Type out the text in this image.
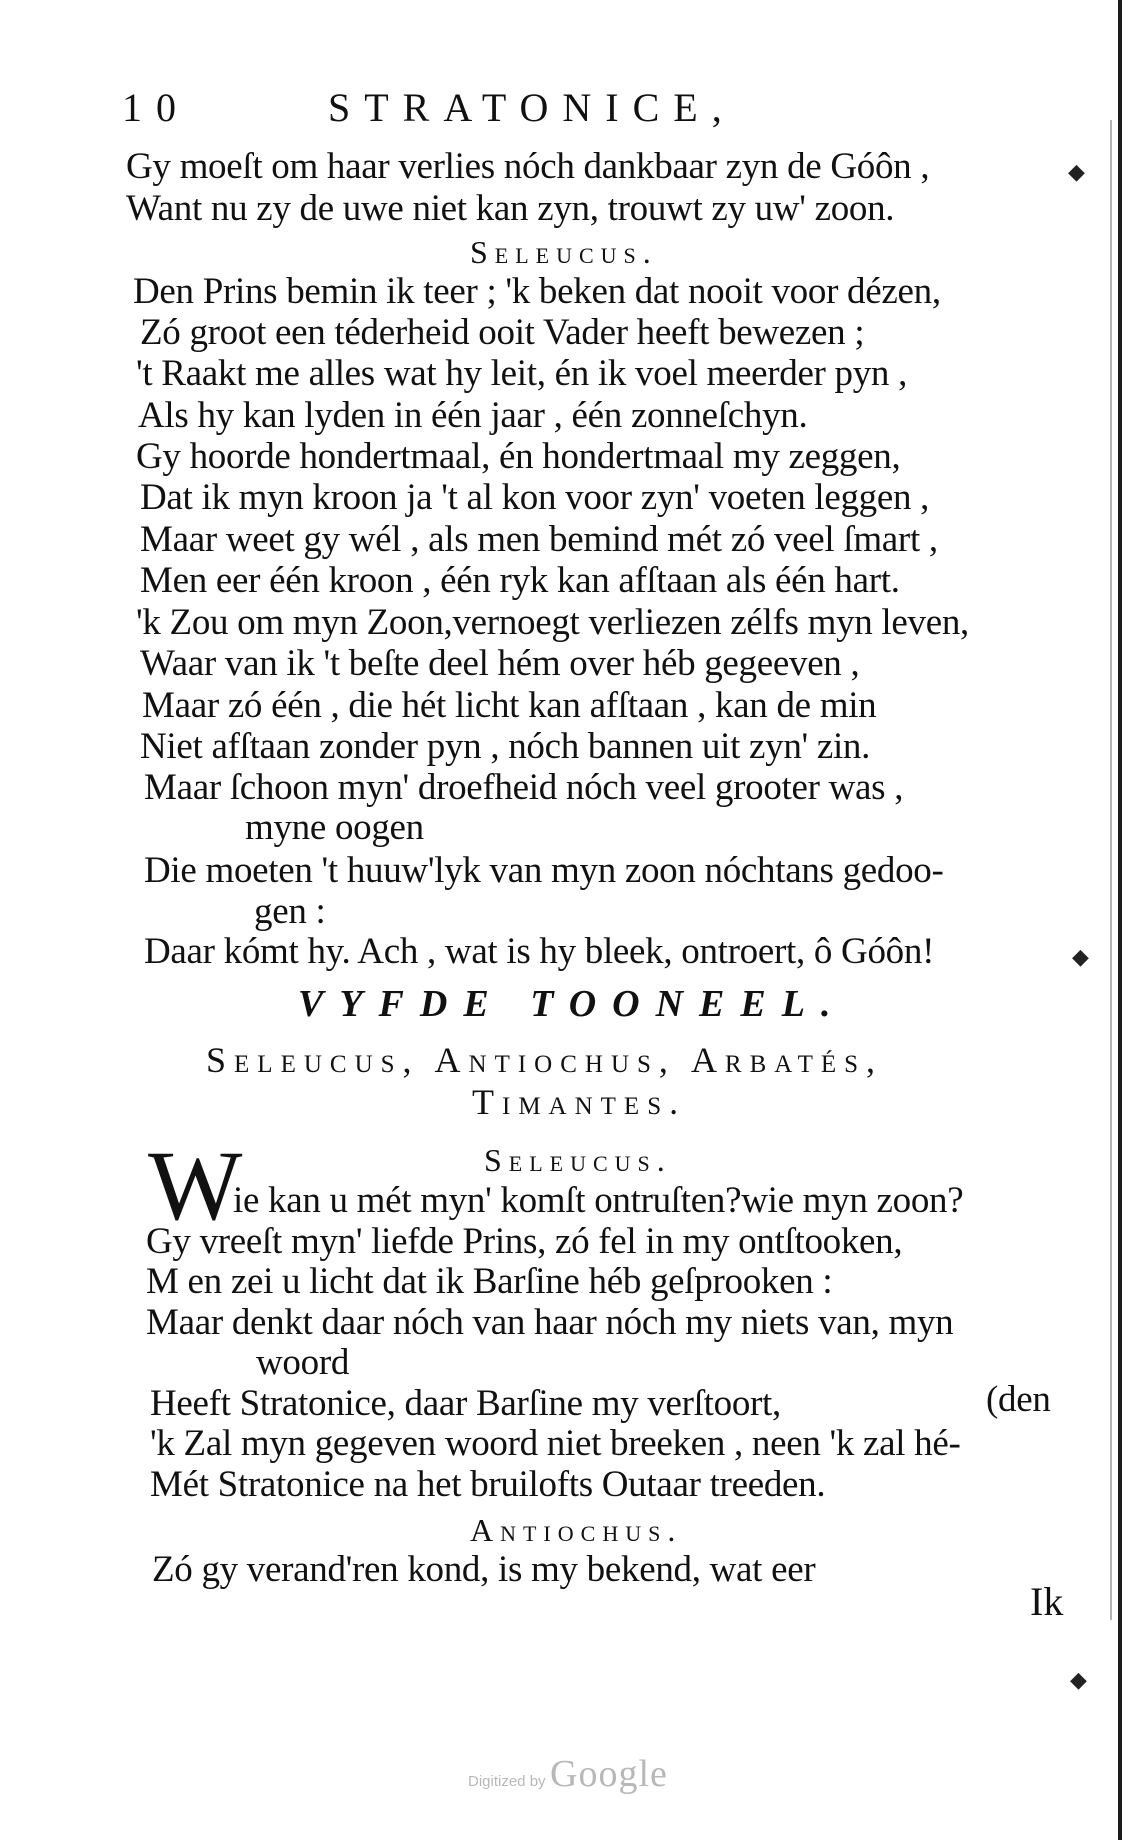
10	STRATONICE,
Gy moeſt om haar verlies nóch dankbaar zyn de Góôn ,
Want nu zy de uwe niet kan zyn, trouwt zy uw' zoon.
Seleucus.
Den Prins bemin ik teer ; 'k beken dat nooit voor dézen,
Zó groot een téderheid ooit Vader heeft bewezen ;
't Raakt me alles wat hy leit, én ik voel meerder pyn ,
Als hy kan lyden in één jaar , één zonneſchyn.
Gy hoorde hondertmaal, én hondertmaal my zeggen,
Dat ik myn kroon ja 't al kon voor zyn' voeten leggen ,
Maar weet gy wél , als men bemind mét zó veel ſmart ,
Men eer één kroon , één ryk kan afſtaan als één hart.
'k Zou om myn Zoon,vernoegt verliezen zélfs myn leven,
Waar van ik 't beſte deel hém over héb gegeeven ,
Maar zó één , die hét licht kan afſtaan , kan de min
Niet afſtaan zonder pyn , nóch bannen uit zyn' zin.
Maar ſchoon myn' droefheid nóch veel grooter was ,
myne oogen
Die moeten 't huuw'lyk van myn zoon nóchtans gedoo-
gen :
Daar kómt hy. Ach , wat is hy bleek, ontroert, ô Góôn!
VYFDE TOONEEL.
Seleucus, Antiochus, Arbatés,
Timantes.
Seleucus.
W
ie kan u mét myn' komſt ontruſten?wie myn zoon?
Gy vreeſt myn' liefde Prins, zó fel in my ontſtooken,
M en zei u licht dat ik Barſine héb geſprooken :
Maar denkt daar nóch van haar nóch my niets van, myn
woord
Heeft Stratonice, daar Barſine my verſtoort,	(den
'k Zal myn gegeven woord niet breeken , neen 'k zal hé-
Mét Stratonice na het bruilofts Outaar treeden.
Antiochus.
Zó gy verand'ren kond, is my bekend, wat eer
Ik
◆
◆
◆
Digitized by Google
